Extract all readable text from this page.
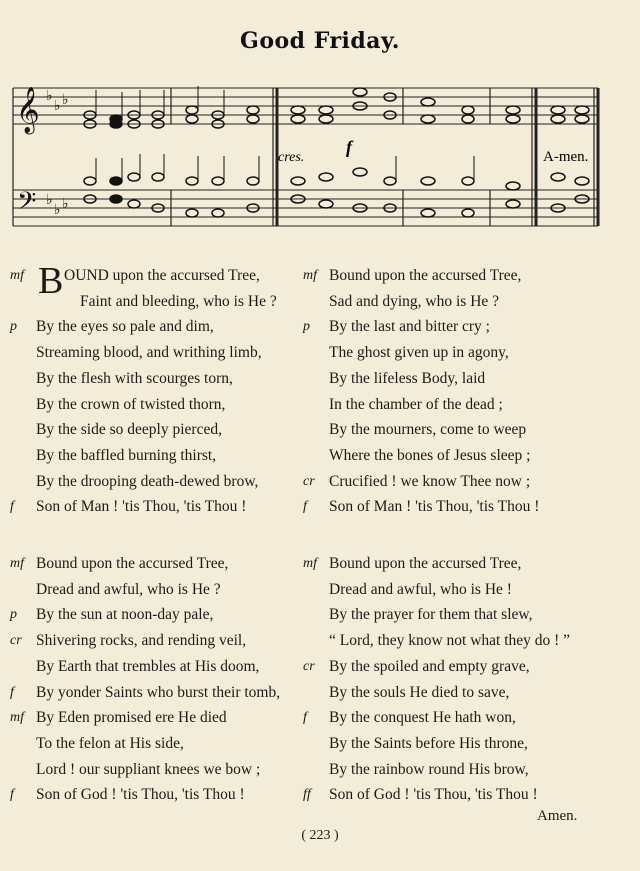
Good Friday.
𝄞
𝄢
♭
♭ ♭
♭
♭ ♭
cres.
f	A-men.
mf B OUND upon the accursed Tree,
Faint and bleeding, who is He ?
p By the eyes so pale and dim,
Streaming blood, and writhing limb,
By the flesh with scourges torn,
By the crown of twisted thorn,
By the side so deeply pierced,
By the baffled burning thirst,
By the drooping death-dewed brow,
f Son of Man ! 'tis Thou, 'tis Thou !
mf Bound upon the accursed Tree,
Sad and dying, who is He ?
p By the last and bitter cry ;
The ghost given up in agony,
By the lifeless Body, laid
In the chamber of the dead ;
By the mourners, come to weep
Where the bones of Jesus sleep ;
cr Crucified ! we know Thee now ;
f Son of Man ! 'tis Thou, 'tis Thou !
mf Bound upon the accursed Tree,
Dread and awful, who is He ?
p By the sun at noon-day pale,
cr Shivering rocks, and rending veil,
By Earth that trembles at His doom,
f By yonder Saints who burst their tomb,
mf By Eden promised ere He died
To the felon at His side,
Lord ! our suppliant knees we bow ;
f Son of God ! 'tis Thou, 'tis Thou !
mf Bound upon the accursed Tree,
Dread and awful, who is He !
By the prayer for them that slew,
“ Lord, they know not what they do ! ”
cr By the spoiled and empty grave,
By the souls He died to save,
f By the conquest He hath won,
By the Saints before His throne,
By the rainbow round His brow,
ff Son of God ! 'tis Thou, 'tis Thou !
Amen.
( 223 )
